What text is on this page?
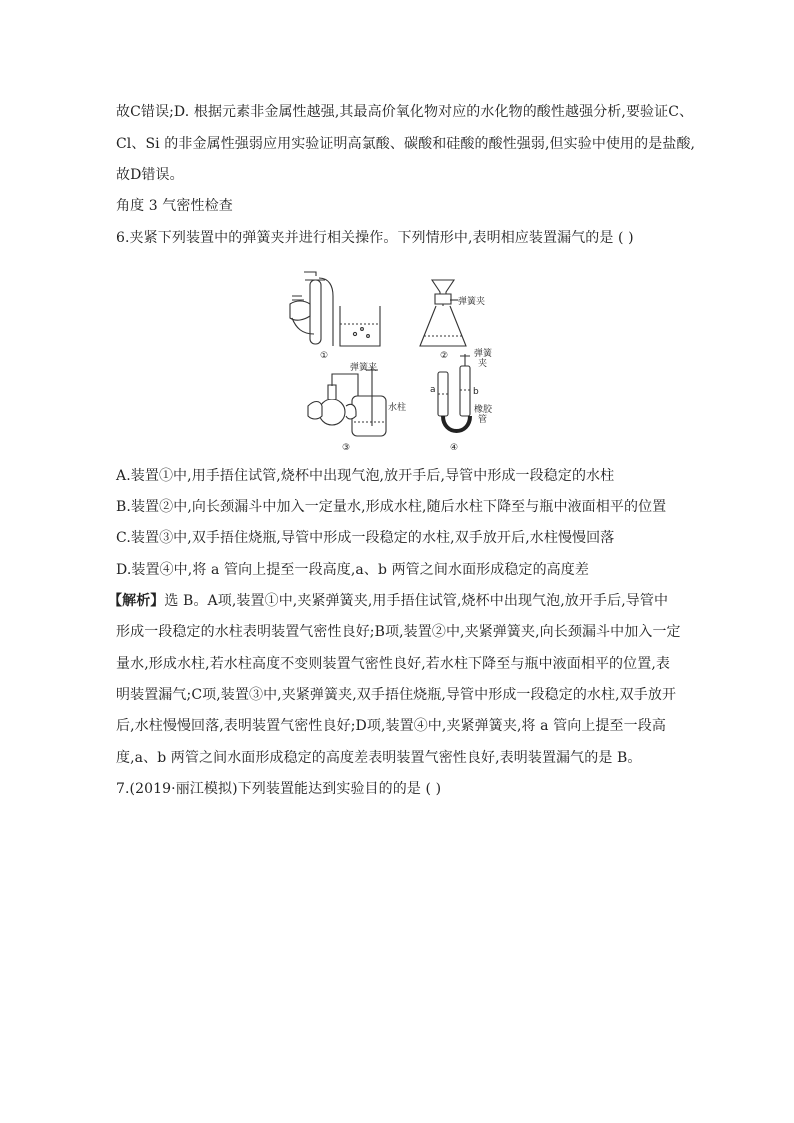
故C错误;D. 根据元素非金属性越强,其最高价氧化物对应的水化物的酸性越强分析,要验证C、
Cl、Si 的非金属性强弱应用实验证明高氯酸、碳酸和硅酸的酸性强弱,但实验中使用的是盐酸,
故D错误。
角度 3 气密性检查
6.夹紧下列装置中的弹簧夹并进行相关操作。下列情形中,表明相应装置漏气的是 ( )
①	②
弹簧夹
弹簧夹
水柱
③
弹簧
夹
a	b
橡胶
管
④
A.装置①中,用手捂住试管,烧杯中出现气泡,放开手后,导管中形成一段稳定的水柱
B.装置②中,向长颈漏斗中加入一定量水,形成水柱,随后水柱下降至与瓶中液面相平的位置
C.装置③中,双手捂住烧瓶,导管中形成一段稳定的水柱,双手放开后,水柱慢慢回落
D.装置④中,将 a 管向上提至一段高度,a、b 两管之间水面形成稳定的高度差
【解析】选 B。A项,装置①中,夹紧弹簧夹,用手捂住试管,烧杯中出现气泡,放开手后,导管中
形成一段稳定的水柱表明装置气密性良好;B项,装置②中,夹紧弹簧夹,向长颈漏斗中加入一定
量水,形成水柱,若水柱高度不变则装置气密性良好,若水柱下降至与瓶中液面相平的位置,表
明装置漏气;C项,装置③中,夹紧弹簧夹,双手捂住烧瓶,导管中形成一段稳定的水柱,双手放开
后,水柱慢慢回落,表明装置气密性良好;D项,装置④中,夹紧弹簧夹,将 a 管向上提至一段高
度,a、b 两管之间水面形成稳定的高度差表明装置气密性良好,表明装置漏气的是 B。
7.(2019·丽江模拟)下列装置能达到实验目的的是 ( )
